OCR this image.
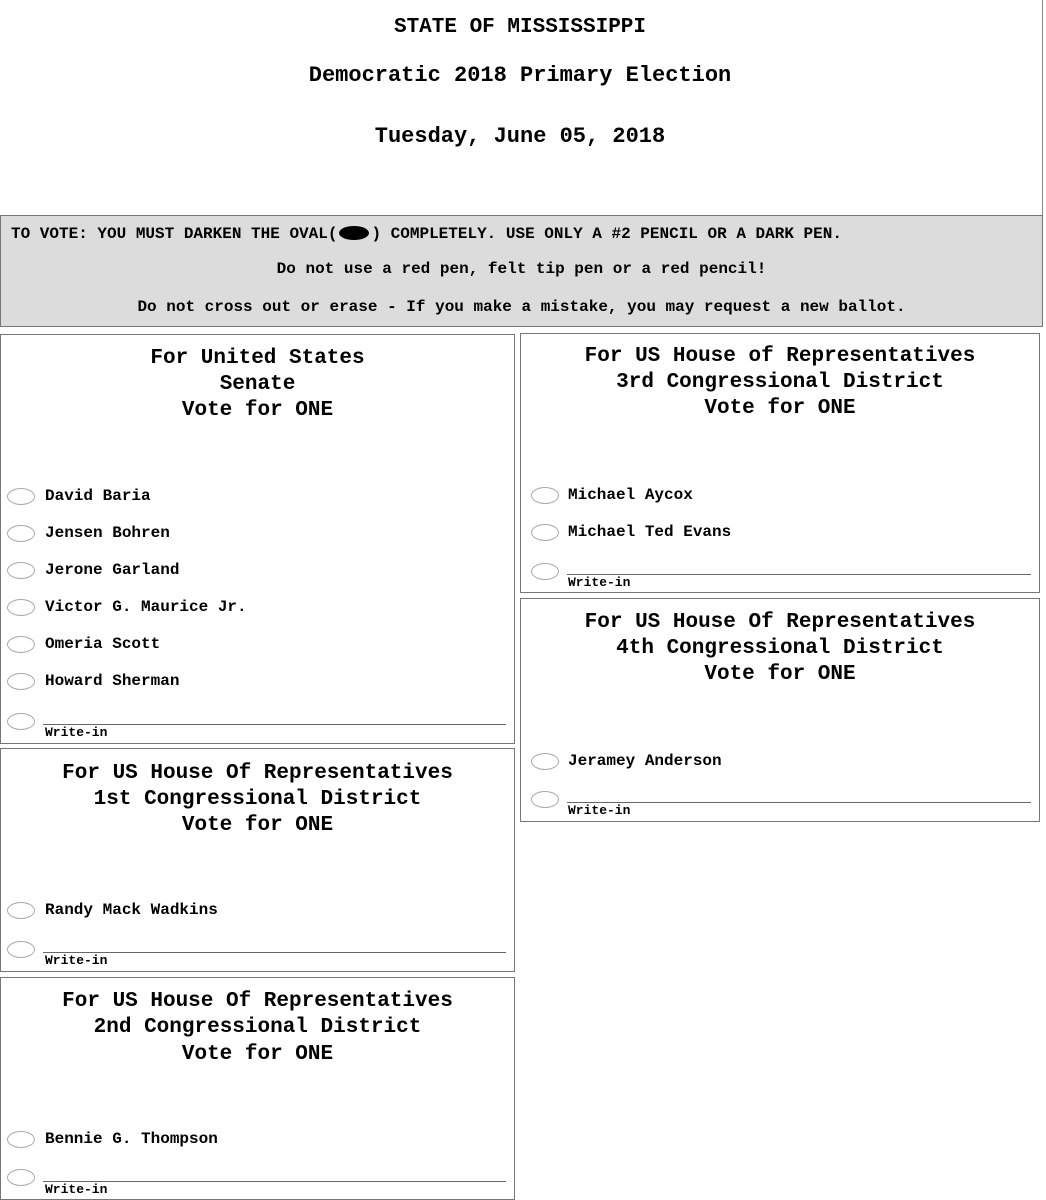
STATE OF MISSISSIPPI
Democratic 2018 Primary Election
Tuesday, June 05, 2018
TO VOTE: YOU MUST DARKEN THE OVAL( ) COMPLETELY. USE ONLY A #2 PENCIL OR A DARK PEN.
Do not use a red pen, felt tip pen or a red pencil!
Do not cross out or erase - If you make a mistake, you may request a new ballot.
For United States
Senate
Vote for ONE
David Baria
Jensen Bohren
Jerone Garland
Victor G. Maurice Jr.
Omeria Scott
Howard Sherman
Write-in
For US House Of Representatives
1st Congressional District
Vote for ONE
Randy Mack Wadkins
Write-in
For US House Of Representatives
2nd Congressional District
Vote for ONE
Bennie G. Thompson
Write-in
For US House of Representatives
3rd Congressional District
Vote for ONE
Michael Aycox
Michael Ted Evans
Write-in
For US House Of Representatives
4th Congressional District
Vote for ONE
Jeramey Anderson
Write-in
